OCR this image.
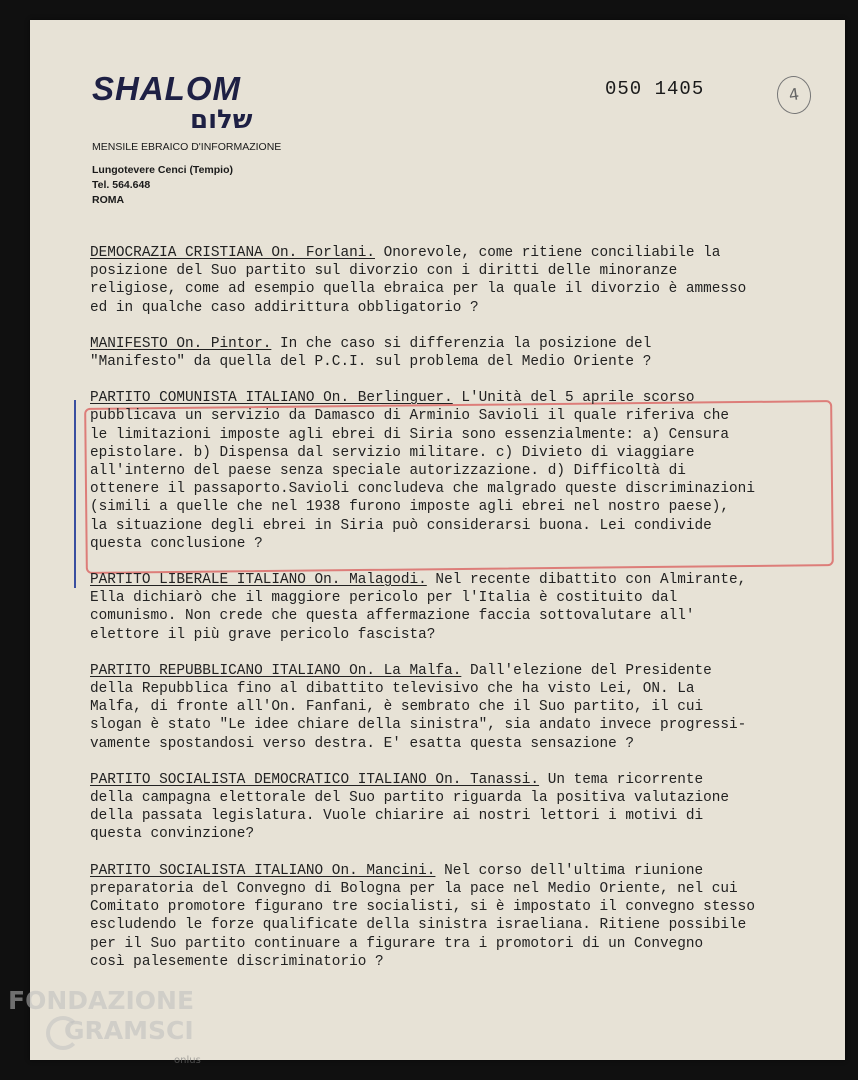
SHALOM
שלום
MENSILE EBRAICO D'INFORMAZIONE
Lungotevere Cenci (Tempio)
Tel. 564.648
ROMA
050 1405	4

DEMOCRAZIA CRISTIANA On. Forlani. Onorevole, come ritiene conciliabile la
posizione del Suo partito sul divorzio con i diritti delle minoranze
religiose, come ad esempio quella ebraica per la quale il divorzio è ammesso
ed in qualche caso addirittura obbligatorio ?

MANIFESTO On. Pintor. In che caso si differenzia la posizione del
"Manifesto" da quella del P.C.I. sul problema del Medio Oriente ?

PARTITO COMUNISTA ITALIANO On. Berlinguer. L'Unità del 5 aprile scorso
pubblicava un servizio da Damasco di Arminio Savioli il quale riferiva che
le limitazioni imposte agli ebrei di Siria sono essenzialmente: a) Censura
epistolare. b) Dispensa dal servizio militare. c) Divieto di viaggiare
all'interno del paese senza speciale autorizzazione. d) Difficoltà di
ottenere il passaporto.Savioli concludeva che malgrado queste discriminazioni
(simili a quelle che nel 1938 furono imposte agli ebrei nel nostro paese),
la situazione degli ebrei in Siria può considerarsi buona. Lei condivide
questa conclusione ?

PARTITO LIBERALE ITALIANO On. Malagodi. Nel recente dibattito con Almirante,
Ella dichiarò che il maggiore pericolo per l'Italia è costituito dal
comunismo. Non crede che questa affermazione faccia sottovalutare all'
elettore il più grave pericolo fascista?

PARTITO REPUBBLICANO ITALIANO On. La Malfa. Dall'elezione del Presidente
della Repubblica fino al dibattito televisivo che ha visto Lei, ON. La
Malfa, di fronte all'On. Fanfani, è sembrato che il Suo partito, il cui
slogan è stato "Le idee chiare della sinistra", sia andato invece progressi-
vamente spostandosi verso destra. E' esatta questa sensazione ?

PARTITO SOCIALISTA DEMOCRATICO ITALIANO On. Tanassi. Un tema ricorrente
della campagna elettorale del Suo partito riguarda la positiva valutazione
della passata legislatura. Vuole chiarire ai nostri lettori i motivi di
questa convinzione?

PARTITO SOCIALISTA ITALIANO On. Mancini. Nel corso dell'ultima riunione
preparatoria del Convegno di Bologna per la pace nel Medio Oriente, nel cui
Comitato promotore figurano tre socialisti, si è impostato il convegno stesso
escludendo le forze qualificate della sinistra israeliana. Ritiene possibile
per il Suo partito continuare a figurare tra i promotori di un Convegno
così palesemente discriminatorio ?

FONDAZIONE
GRAMSCI
onlus
